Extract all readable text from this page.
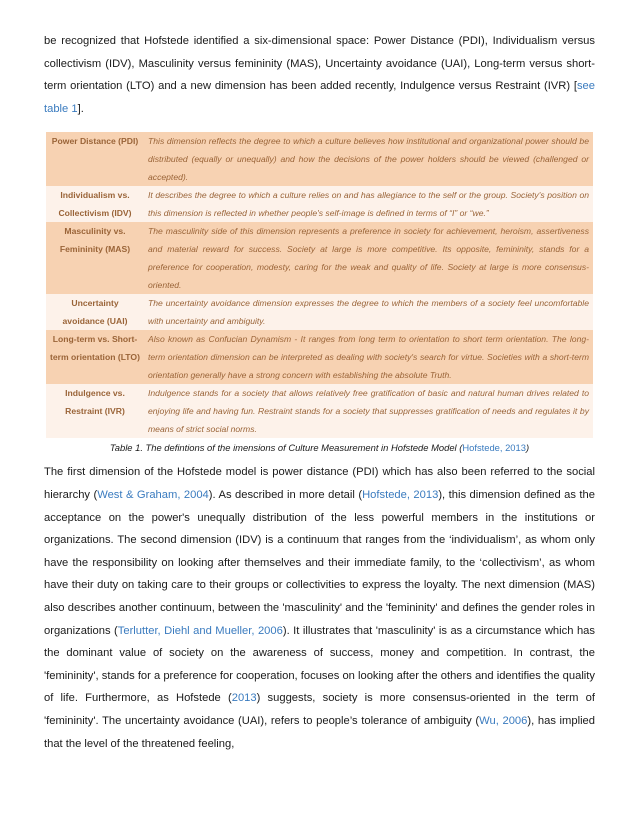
be recognized that Hofstede identified a six-dimensional space: Power Distance (PDI), Individualism versus collectivism (IDV), Masculinity versus femininity (MAS), Uncertainty avoidance (UAI), Long-term versus short-term orientation (LTO) and a new dimension has been added recently, Indulgence versus Restraint (IVR) [see table 1].

Power Distance (PDI)	This dimension reflects the degree to which a culture believes how institutional and organizational power should be distributed (equally or unequally) and how the decisions of the power holders should be viewed (challenged or accepted).
Individualism vs. Collectivism (IDV)	It describes the degree to which a culture relies on and has allegiance to the self or the group. Society's position on this dimension is reflected in whether people's self-image is defined in terms of “I” or “we.”
Masculinity vs. Femininity (MAS)	The masculinity side of this dimension represents a preference in society for achievement, heroism, assertiveness and material reward for success. Society at large is more competitive. Its opposite, femininity, stands for a preference for cooperation, modesty, caring for the weak and quality of life. Society at large is more consensus-oriented.
Uncertainty avoidance (UAI)	The uncertainty avoidance dimension expresses the degree to which the members of a society feel uncomfortable with uncertainty and ambiguity.
Long-term vs. Short-term orientation (LTO)	Also known as Confucian Dynamism - It ranges from long term to orientation to short term orientation. The long-term orientation dimension can be interpreted as dealing with society's search for virtue. Societies with a short-term orientation generally have a strong concern with establishing the absolute Truth.
Indulgence vs. Restraint (IVR)	Indulgence stands for a society that allows relatively free gratification of basic and natural human drives related to enjoying life and having fun. Restraint stands for a society that suppresses gratification of needs and regulates it by means of strict social norms.
Table 1. The defintions of the imensions of Culture Measurement in Hofstede Model (Hofstede, 2013)

The first dimension of the Hofstede model is power distance (PDI) which has also been referred to the social hierarchy (West & Graham, 2004). As described in more detail (Hofstede, 2013), this dimension defined as the acceptance on the power's unequally distribution of the less powerful members in the institutions or organizations. The second dimension (IDV) is a continuum that ranges from the ‘individualism’, as whom only have the responsibility on looking after themselves and their immediate family, to the ‘collectivism’, as whom have their duty on taking care to their groups or collectivities to express the loyalty. The next dimension (MAS) also describes another continuum, between the 'masculinity' and the 'femininity' and defines the gender roles in organizations (Terlutter, Diehl and Mueller, 2006). It illustrates that 'masculinity' is as a circumstance which has the dominant value of society on the awareness of success, money and competition. In contrast, the 'femininity', stands for a preference for cooperation, focuses on looking after the others and identifies the quality of life. Furthermore, as Hofstede (2013) suggests, society is more consensus-oriented in the term of 'femininity'. The uncertainty avoidance (UAI), refers to people’s tolerance of ambiguity (Wu, 2006), has implied that the level of the threatened feeling,
